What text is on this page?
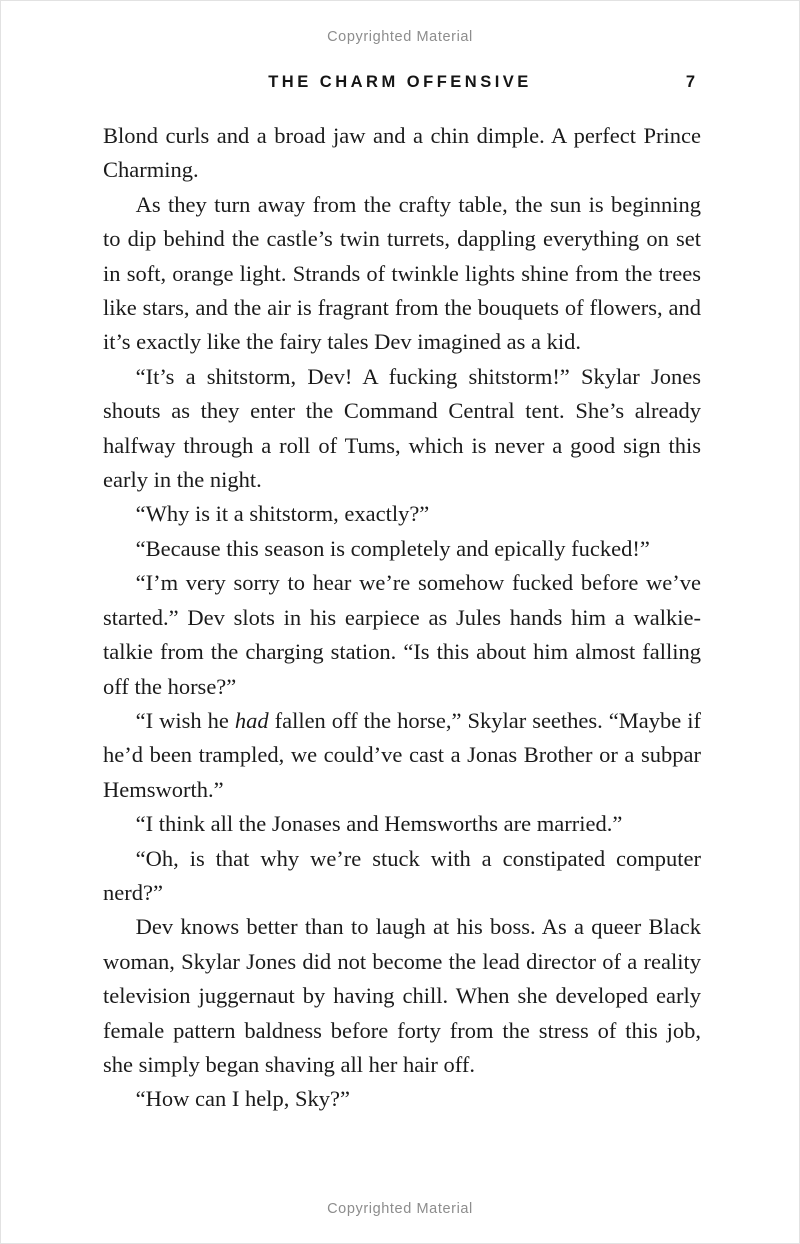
Copyrighted Material
THE CHARM OFFENSIVE	7

Blond curls and a broad jaw and a chin dimple. A perfect Prince Charming.

As they turn away from the crafty table, the sun is beginning to dip behind the castle’s twin turrets, dappling everything on set in soft, orange light. Strands of twinkle lights shine from the trees like stars, and the air is fragrant from the bouquets of flowers, and it’s exactly like the fairy tales Dev imagined as a kid.

“It’s a shitstorm, Dev! A fucking shitstorm!” Skylar Jones shouts as they enter the Command Central tent. She’s already halfway through a roll of Tums, which is never a good sign this early in the night.

“Why is it a shitstorm, exactly?”

“Because this season is completely and epically fucked!”

“I’m very sorry to hear we’re somehow fucked before we’ve started.” Dev slots in his earpiece as Jules hands him a walkie-talkie from the charging station. “Is this about him almost falling off the horse?”

“I wish he had fallen off the horse,” Skylar seethes. “Maybe if he’d been trampled, we could’ve cast a Jonas Brother or a subpar Hemsworth.”

“I think all the Jonases and Hemsworths are married.”

“Oh, is that why we’re stuck with a constipated computer nerd?”

Dev knows better than to laugh at his boss. As a queer Black woman, Skylar Jones did not become the lead director of a reality television juggernaut by having chill. When she developed early female pattern baldness before forty from the stress of this job, she simply began shaving all her hair off.

“How can I help, Sky?”

Copyrighted Material
